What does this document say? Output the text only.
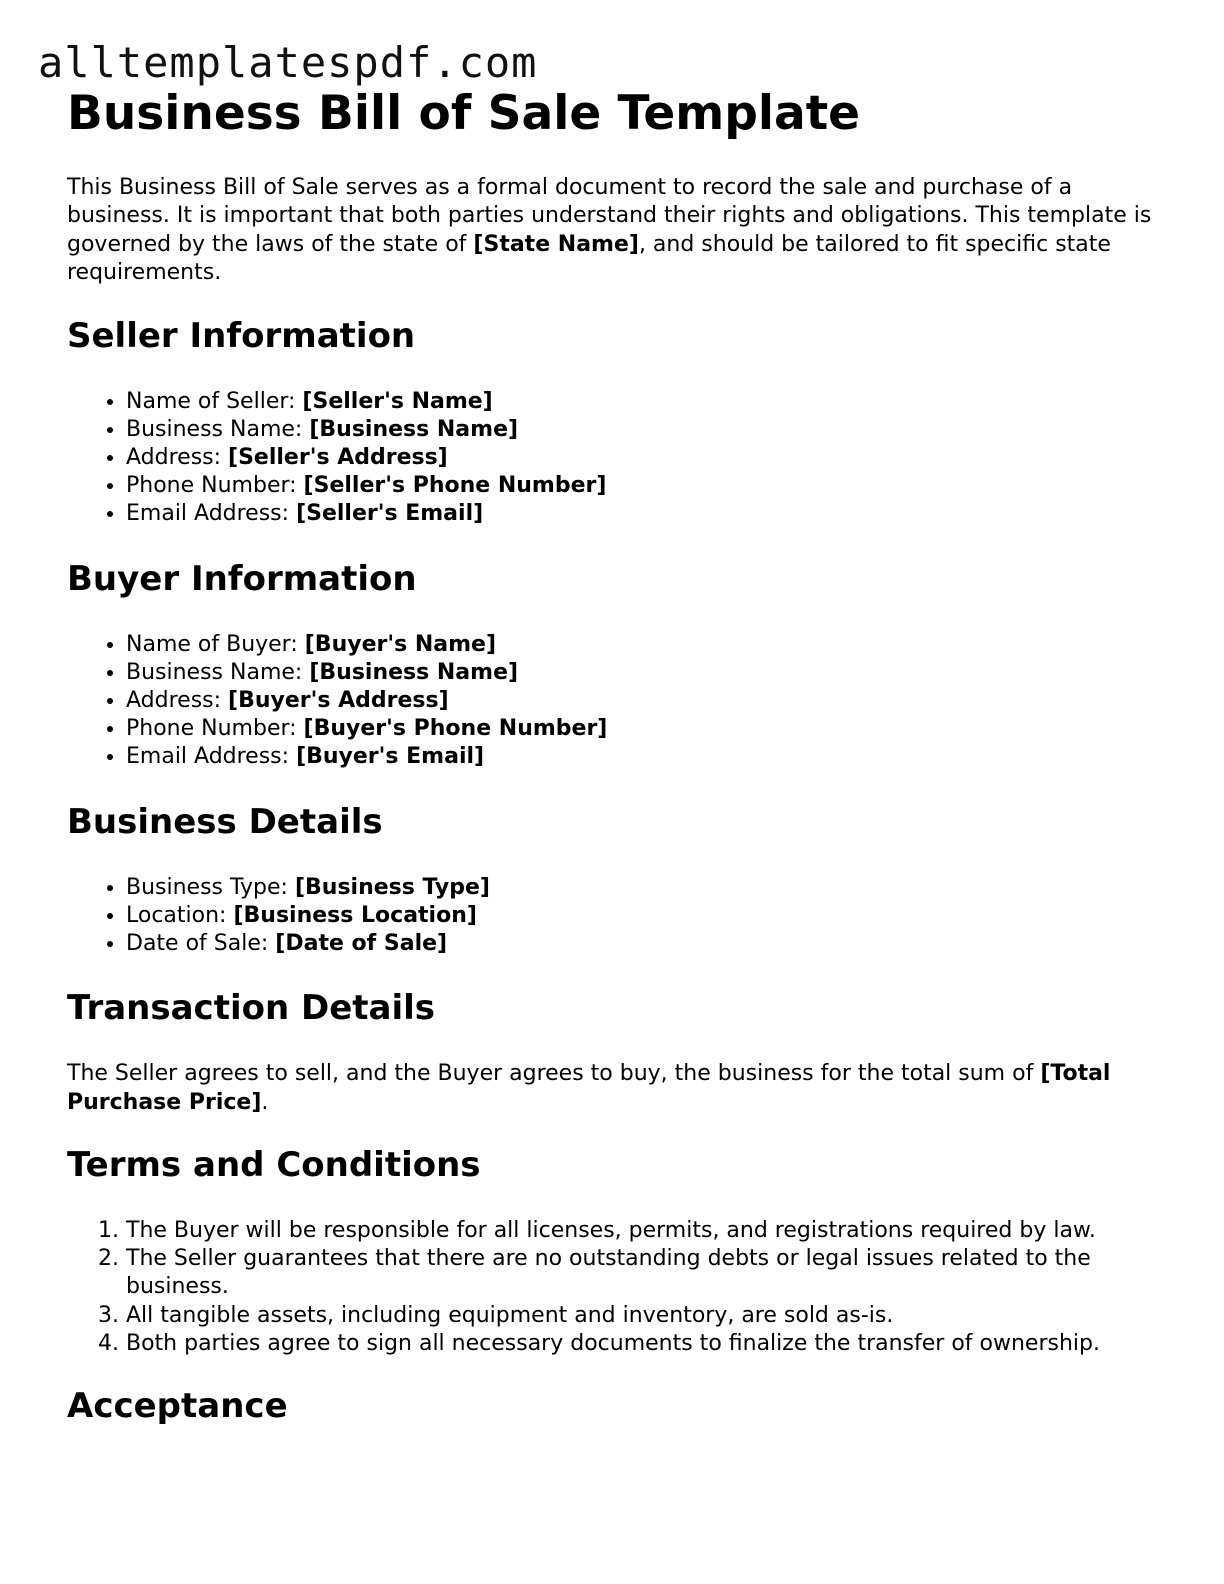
alltemplatespdf.com
Business Bill of Sale Template

This Business Bill of Sale serves as a formal document to record the sale and purchase of a business. It is important that both parties understand their rights and obligations. This template is governed by the laws of the state of [State Name], and should be tailored to fit specific state requirements.

Seller Information
• Name of Seller: [Seller's Name]
• Business Name: [Business Name]
• Address: [Seller's Address]
• Phone Number: [Seller's Phone Number]
• Email Address: [Seller's Email]
Buyer Information
• Name of Buyer: [Buyer's Name]
• Business Name: [Business Name]
• Address: [Buyer's Address]
• Phone Number: [Buyer's Phone Number]
• Email Address: [Buyer's Email]
Business Details
• Business Type: [Business Type]
• Location: [Business Location]
• Date of Sale: [Date of Sale]
Transaction Details

The Seller agrees to sell, and the Buyer agrees to buy, the business for the total sum of [Total Purchase Price].

Terms and Conditions
1. The Buyer will be responsible for all licenses, permits, and registrations required by law.
2. The Seller guarantees that there are no outstanding debts or legal issues related to the business.
3. All tangible assets, including equipment and inventory, are sold as-is.
4. Both parties agree to sign all necessary documents to finalize the transfer of ownership.
Acceptance
